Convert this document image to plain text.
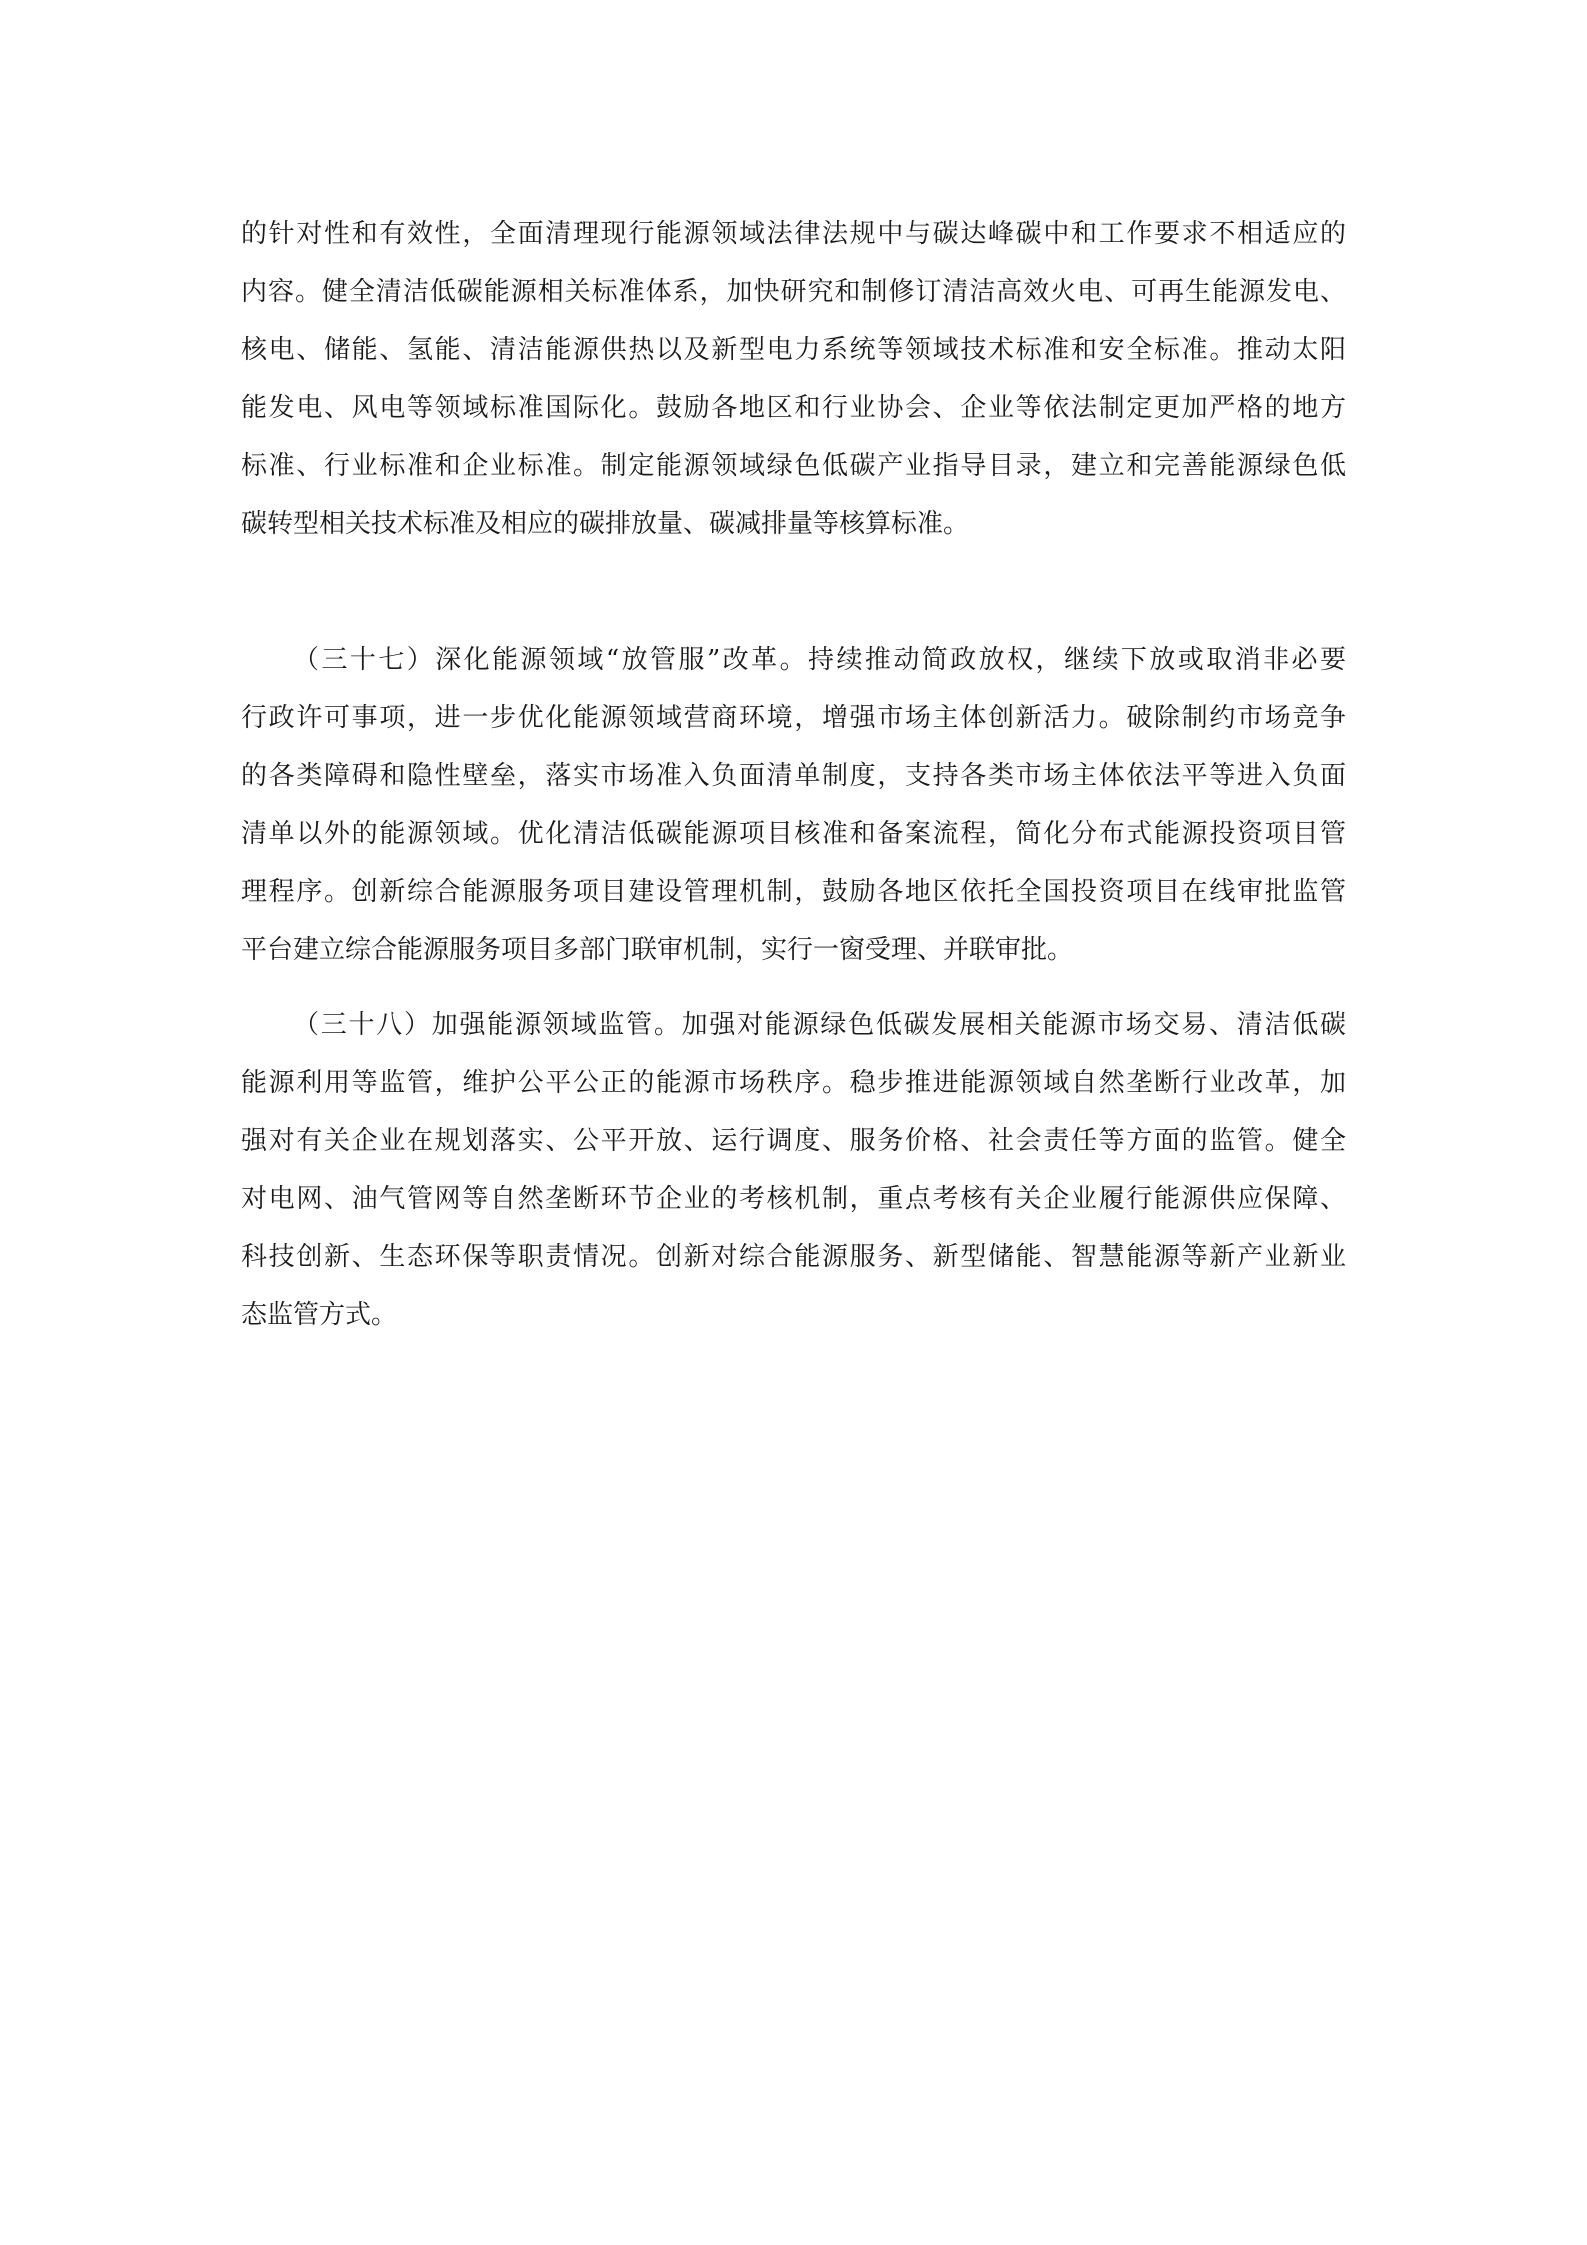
的针对性和有效性，全面清理现行能源领域法律法规中与碳达峰碳中和工作要求不相适应的
内容。健全清洁低碳能源相关标准体系，加快研究和制修订清洁高效火电、可再生能源发电、
核电、储能、氢能、清洁能源供热以及新型电力系统等领域技术标准和安全标准。推动太阳
能发电、风电等领域标准国际化。鼓励各地区和行业协会、企业等依法制定更加严格的地方
标准、行业标准和企业标准。制定能源领域绿色低碳产业指导目录，建立和完善能源绿色低
碳转型相关技术标准及相应的碳排放量、碳减排量等核算标准。
（三十七）深化能源领域“放管服”改革。持续推动简政放权，继续下放或取消非必要
行政许可事项，进一步优化能源领域营商环境，增强市场主体创新活力。破除制约市场竞争
的各类障碍和隐性壁垒，落实市场准入负面清单制度，支持各类市场主体依法平等进入负面
清单以外的能源领域。优化清洁低碳能源项目核准和备案流程，简化分布式能源投资项目管
理程序。创新综合能源服务项目建设管理机制，鼓励各地区依托全国投资项目在线审批监管
平台建立综合能源服务项目多部门联审机制，实行一窗受理、并联审批。
（三十八）加强能源领域监管。加强对能源绿色低碳发展相关能源市场交易、清洁低碳
能源利用等监管，维护公平公正的能源市场秩序。稳步推进能源领域自然垄断行业改革，加
强对有关企业在规划落实、公平开放、运行调度、服务价格、社会责任等方面的监管。健全
对电网、油气管网等自然垄断环节企业的考核机制，重点考核有关企业履行能源供应保障、
科技创新、生态环保等职责情况。创新对综合能源服务、新型储能、智慧能源等新产业新业
态监管方式。
